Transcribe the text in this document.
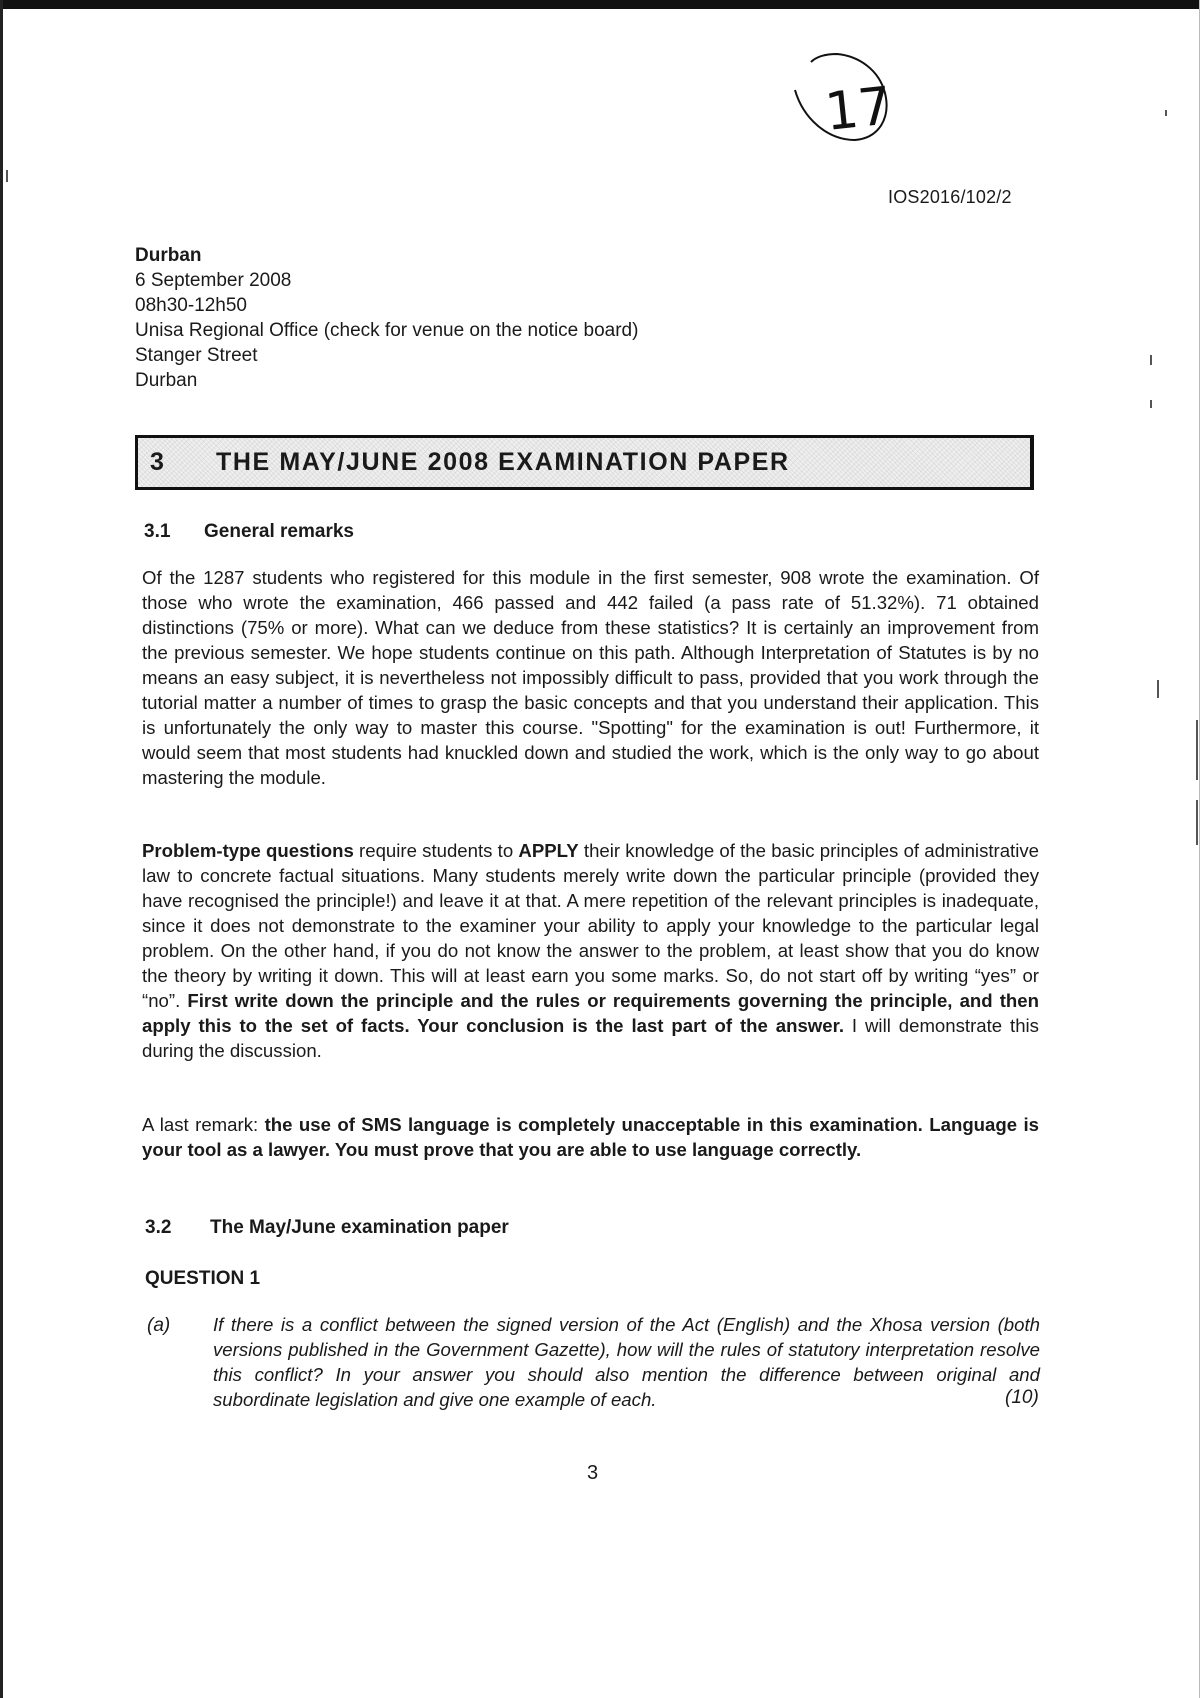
17
IOS2016/102/2
Durban
6 September 2008
08h30-12h50
Unisa Regional Office (check for venue on the notice board)
Stanger Street
Durban
3 THE MAY/JUNE 2008 EXAMINATION PAPER
3.1 General remarks
Of the 1287 students who registered for this module in the first semester, 908 wrote the examination. Of those who wrote the examination, 466 passed and 442 failed (a pass rate of 51.32%). 71 obtained distinctions (75% or more). What can we deduce from these statistics? It is certainly an improvement from the previous semester. We hope students continue on this path. Although Interpretation of Statutes is by no means an easy subject, it is nevertheless not impossibly difficult to pass, provided that you work through the tutorial matter a number of times to grasp the basic concepts and that you understand their application. This is unfortunately the only way to master this course. "Spotting" for the examination is out! Furthermore, it would seem that most students had knuckled down and studied the work, which is the only way to go about mastering the module.
Problem-type questions require students to APPLY their knowledge of the basic principles of administrative law to concrete factual situations. Many students merely write down the particular principle (provided they have recognised the principle!) and leave it at that. A mere repetition of the relevant principles is inadequate, since it does not demonstrate to the examiner your ability to apply your knowledge to the particular legal problem. On the other hand, if you do not know the answer to the problem, at least show that you do know the theory by writing it down. This will at least earn you some marks. So, do not start off by writing “yes” or “no”. First write down the principle and the rules or requirements governing the principle, and then apply this to the set of facts. Your conclusion is the last part of the answer. I will demonstrate this during the discussion.
A last remark: the use of SMS language is completely unacceptable in this examination. Language is your tool as a lawyer. You must prove that you are able to use language correctly.
3.2 The May/June examination paper
QUESTION 1
(a) If there is a conflict between the signed version of the Act (English) and the Xhosa version (both versions published in the Government Gazette), how will the rules of statutory interpretation resolve this conflict? In your answer you should also mention the difference between original and subordinate legislation and give one example of each.	(10)
3
